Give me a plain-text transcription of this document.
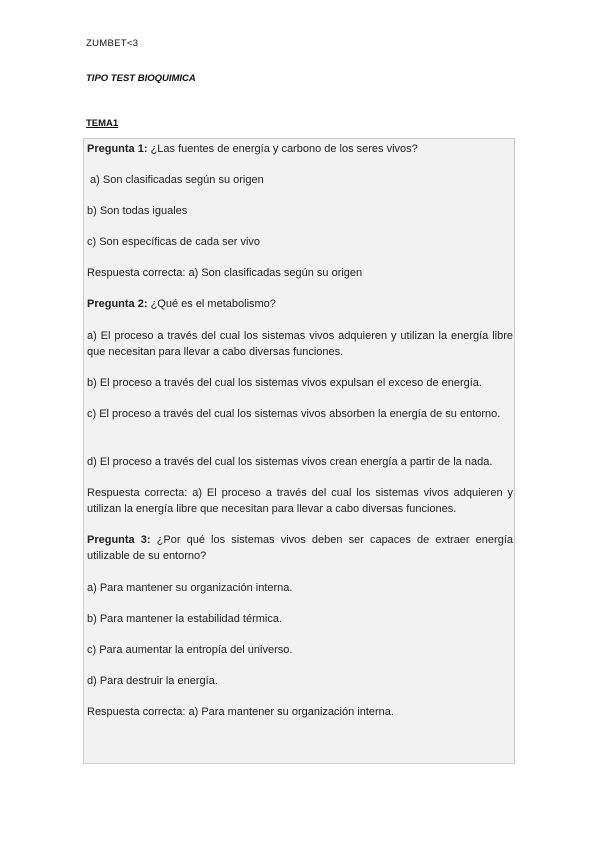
ZUMBET<3
TIPO TEST BIOQUIMICA
TEMA1
Pregunta 1: ¿Las fuentes de energía y carbono de los seres vivos?
a) Son clasificadas según su origen
b) Son todas iguales
c) Son específicas de cada ser vivo
Respuesta correcta: a) Son clasificadas según su origen
Pregunta 2: ¿Qué es el metabolismo?
a) El proceso a través del cual los sistemas vivos adquieren y utilizan la energía libre que necesitan para llevar a cabo diversas funciones.
b) El proceso a través del cual los sistemas vivos expulsan el exceso de energía.
c) El proceso a través del cual los sistemas vivos absorben la energía de su entorno.
d) El proceso a través del cual los sistemas vivos crean energía a partir de la nada.
Respuesta correcta: a) El proceso a través del cual los sistemas vivos adquieren y utilizan la energía libre que necesitan para llevar a cabo diversas funciones.
Pregunta 3: ¿Por qué los sistemas vivos deben ser capaces de extraer energía utilizable de su entorno?
a) Para mantener su organización interna.
b) Para mantener la estabilidad térmica.
c) Para aumentar la entropía del universo.
d) Para destruir la energía.
Respuesta correcta: a) Para mantener su organización interna.
